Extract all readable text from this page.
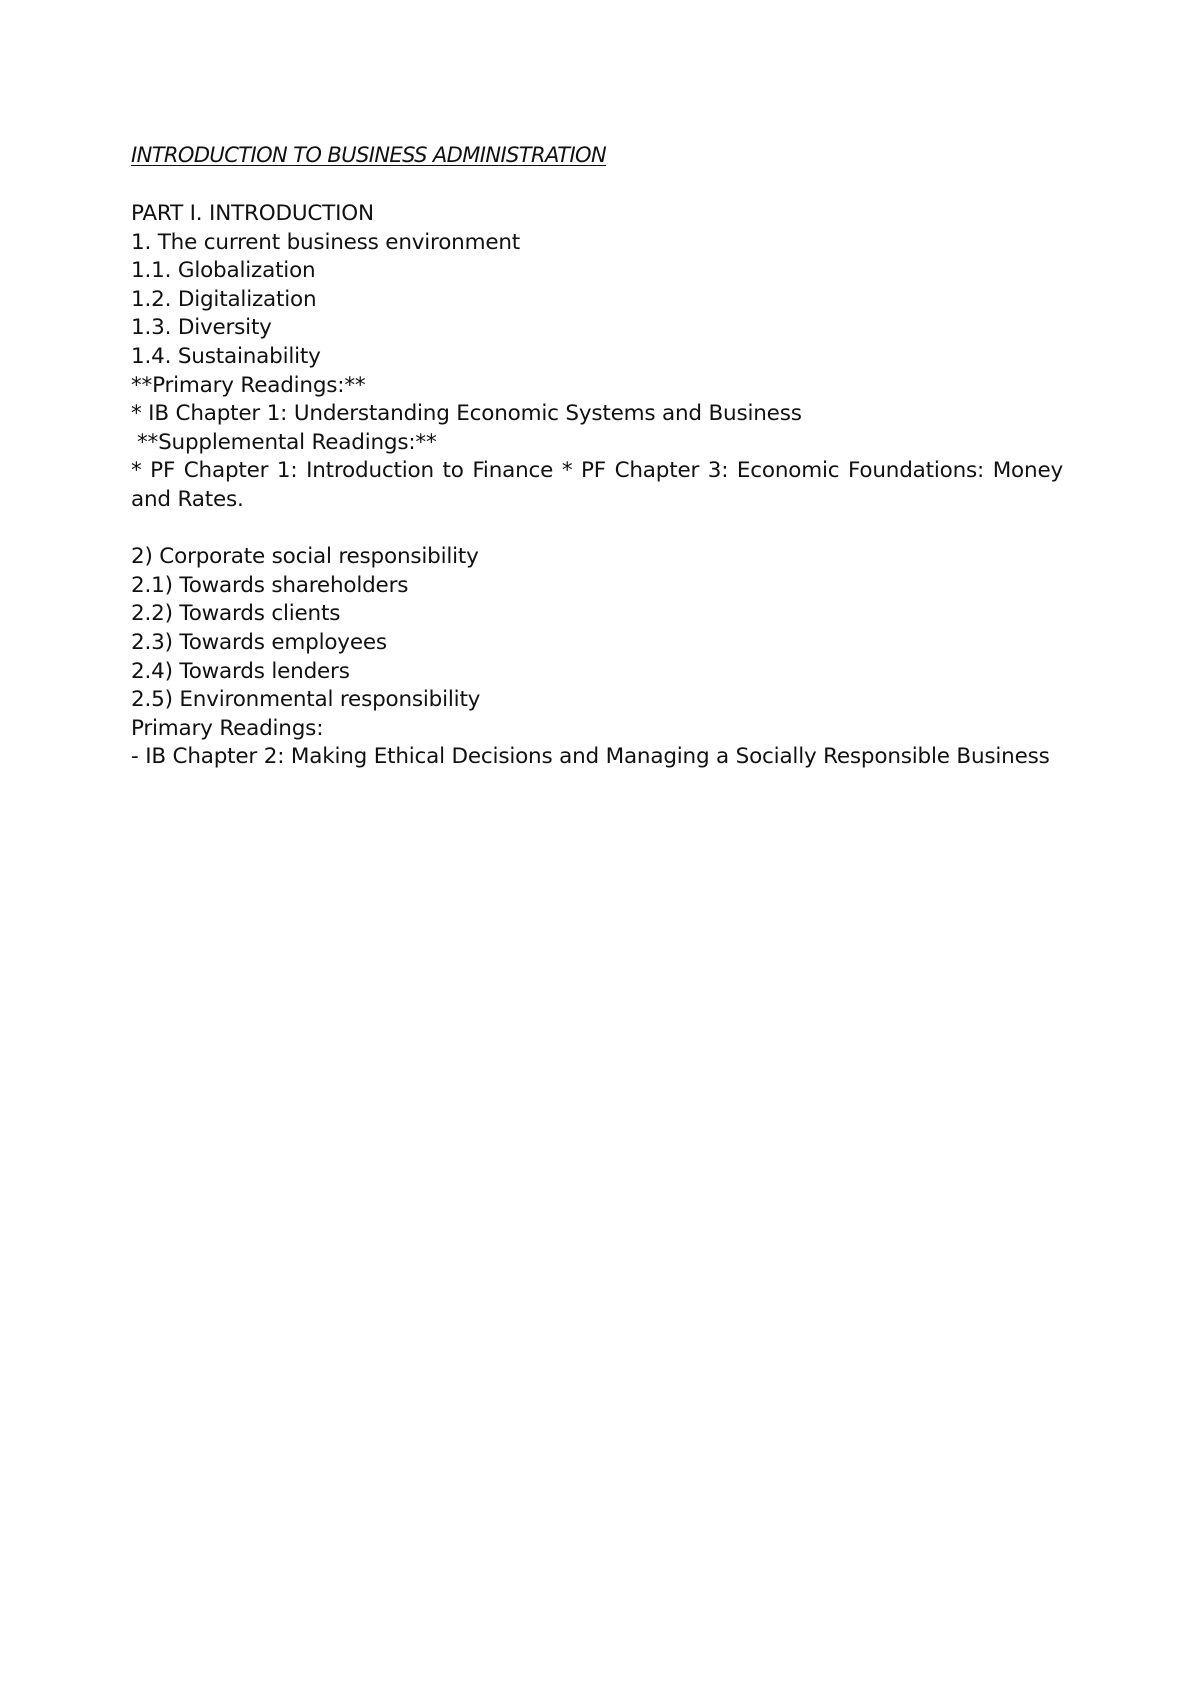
INTRODUCTION TO BUSINESS ADMINISTRATION
PART I. INTRODUCTION
1. The current business environment
1.1. Globalization
1.2. Digitalization
1.3. Diversity
1.4. Sustainability
**Primary Readings:**
* IB Chapter 1: Understanding Economic Systems and Business
**Supplemental Readings:**
* PF Chapter 1: Introduction to Finance * PF Chapter 3: Economic Foundations: Money and Rates.
2) Corporate social responsibility
2.1) Towards shareholders
2.2) Towards clients
2.3) Towards employees
2.4) Towards lenders
2.5) Environmental responsibility
Primary Readings:
- IB Chapter 2: Making Ethical Decisions and Managing a Socially Responsible Business
